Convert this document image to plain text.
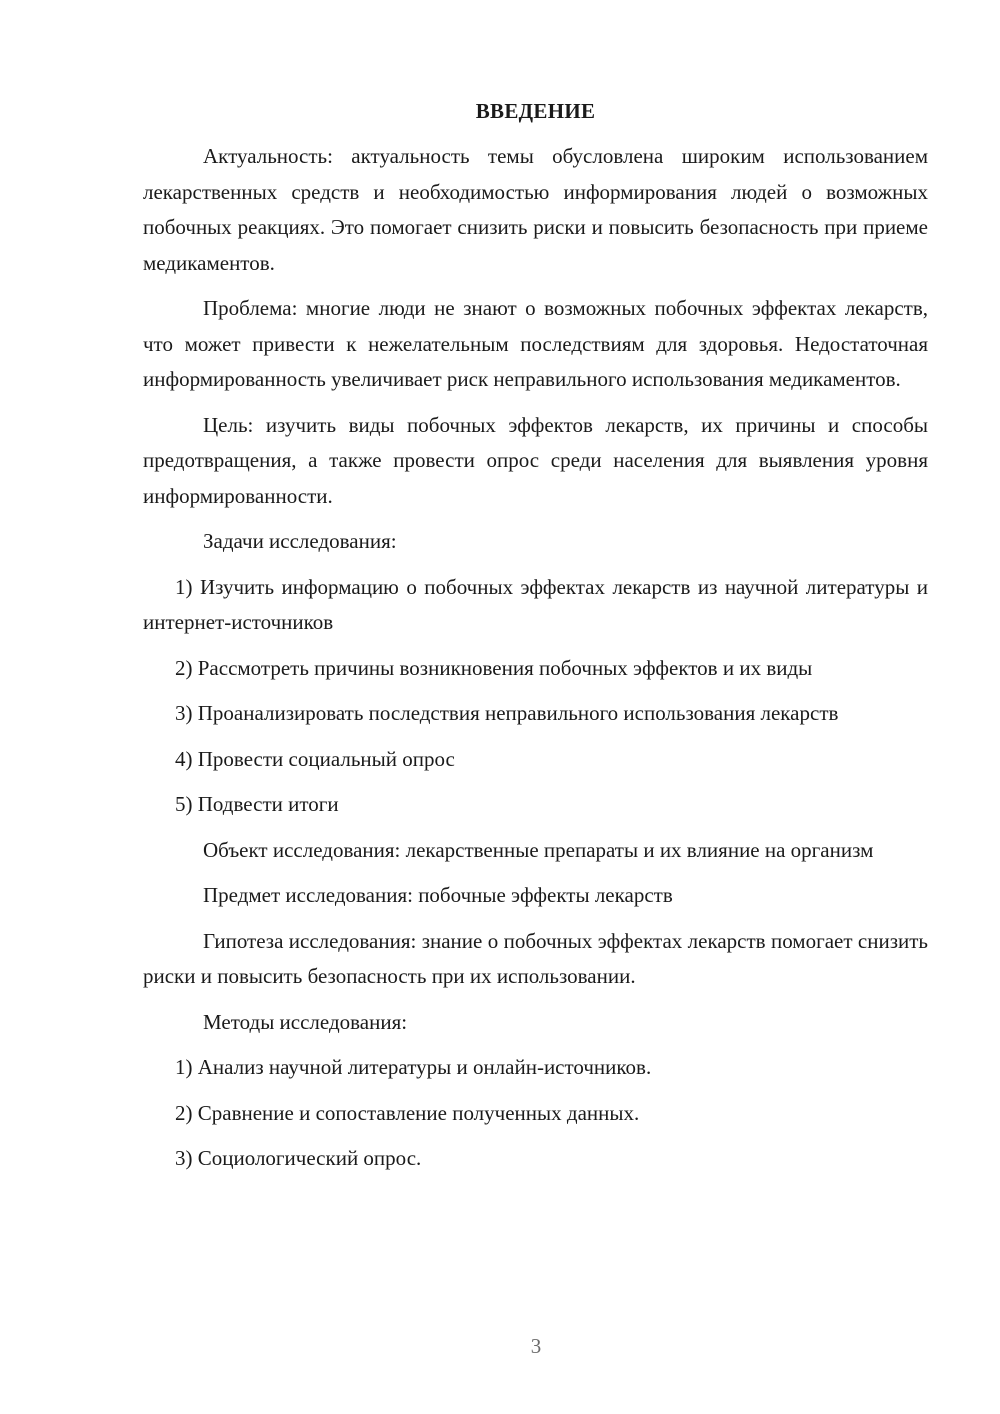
ВВЕДЕНИЕ

Актуальность: актуальность темы обусловлена широким использованием лекарственных средств и необходимостью информирования людей о возможных побочных реакциях. Это помогает снизить риски и повысить безопасность при приеме медикаментов.

Проблема: многие люди не знают о возможных побочных эффектах лекарств, что может привести к нежелательным последствиям для здоровья. Недостаточная информированность увеличивает риск неправильного использования медикаментов.

Цель: изучить виды побочных эффектов лекарств, их причины и способы предотвращения, а также провести опрос среди населения для выявления уровня информированности.

Задачи исследования:

1) Изучить информацию о побочных эффектах лекарств из научной литературы и интернет-источников

2) Рассмотреть причины возникновения побочных эффектов и их виды

3) Проанализировать последствия неправильного использования лекарств

4) Провести социальный опрос

5) Подвести итоги

Объект исследования: лекарственные препараты и их влияние на организм

Предмет исследования: побочные эффекты лекарств

Гипотеза исследования: знание о побочных эффектах лекарств помогает снизить риски и повысить безопасность при их использовании.

Методы исследования:

1) Анализ научной литературы и онлайн-источников.

2) Сравнение и сопоставление полученных данных.

3) Социологический опрос.

3
